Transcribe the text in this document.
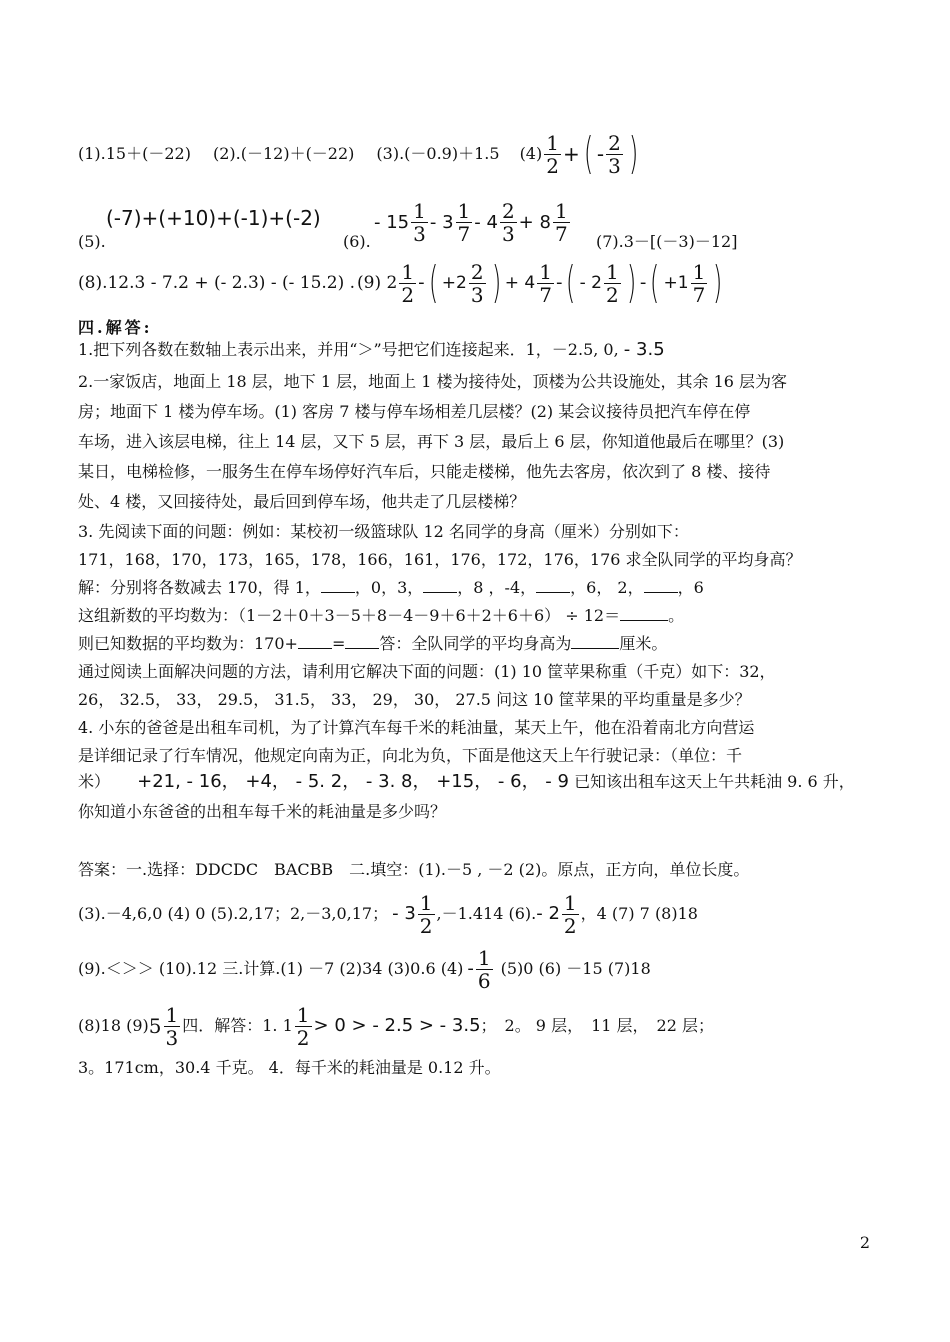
(1).15＋(－22) (2).(－12)＋(－22) (3).(－0.9)＋1.5 (4) 1
2 + ( - 2
3 )
(5).
(-7)+(+10)+(-1)+(-2)
(6).
- 15 1
3 - 3 1
7 - 4 2
3 + 8 1
7 (7).3－[(－3)－12]
(8).12.3 - 7.2 + (- 2.3) - (- 15.2) . (9) 2 1
2 - ( +2 2
3 ) + 4 1
7 - ( - 2 1
2 ) - ( +1 1
7 )
四.解答:
1.把下列各数在数轴上表示出来，并用“＞”号把它们连接起来．1，－2.5, 0, - 3.5
2.一家饭店，地面上 18 层，地下 1 层，地面上 1 楼为接待处，顶楼为公共设施处，其余 16 层为客
房；地面下 1 楼为停车场。(1) 客房 7 楼与停车场相差几层楼？(2) 某会议接待员把汽车停在停
车场，进入该层电梯，往上 14 层，又下 5 层，再下 3 层，最后上 6 层，你知道他最后在哪里？(3)
某日，电梯检修，一服务生在停车场停好汽车后，只能走楼梯，他先去客房，依次到了 8 楼、接待
处、4 楼，又回接待处，最后回到停车场，他共走了几层楼梯？
3. 先阅读下面的问题：例如：某校初一级篮球队 12 名同学的身高（厘米）分别如下：
171，168，170，173，165，178，166，161，176，172，176，176 求全队同学的平均身高？
解：分别将各数减去 170，得 1， ，0，3， ，8 ，-4， ，6， 2， ，6
这组新数的平均数为：（1－2＋0＋3－5＋8－4－9＋6＋2＋6＋6） ÷ 12＝	。
则已知数据的平均数为：170+ = 答：全队同学的平均身高为	厘米。
通过阅读上面解决问题的方法，请利用它解决下面的问题：(1) 10 筐苹果称重（千克）如下：32，
26， 32.5， 33， 29.5， 31.5， 33， 29， 30， 27.5 问这 10 筐苹果的平均重量是多少？
4. 小东的爸爸是出租车司机，为了计算汽车每千米的耗油量，某天上午，他在沿着南北方向营运
是详细记录了行车情况，他规定向南为正，向北为负，下面是他这天上午行驶记录：（单位：千
米） +21, - 16， +4， - 5. 2， - 3. 8， +15， - 6， - 9 已知该出租车这天上午共耗油 9. 6 升，
你知道小东爸爸的出租车每千米的耗油量是多少吗？
答案：一.选择：DDCDC　BACBB　二.填空：(1).－5 , －2 (2)。原点，正方向，单位长度。
(3).－4,6,0 (4) 0 (5).2,17；2,－3,0,17； - 3 1
2 ,－1.414 (6). - 2 1
2 ，4 (7) 7 (8)18
(9).＜＞＞ (10).12 三.计算.(1) －7 (2)34 (3)0.6 (4) - 1
6 (5)0 (6) －15 (7)18
(8)18 (9) 5 1
3 四．解答：1. 1 1
2 > 0 > - 2.5 > - 3.5 ；　2。 9 层，　11 层，　22 层；
3。171cm，30.4 千克。 4．每千米的耗油量是 0.12 升。
2
